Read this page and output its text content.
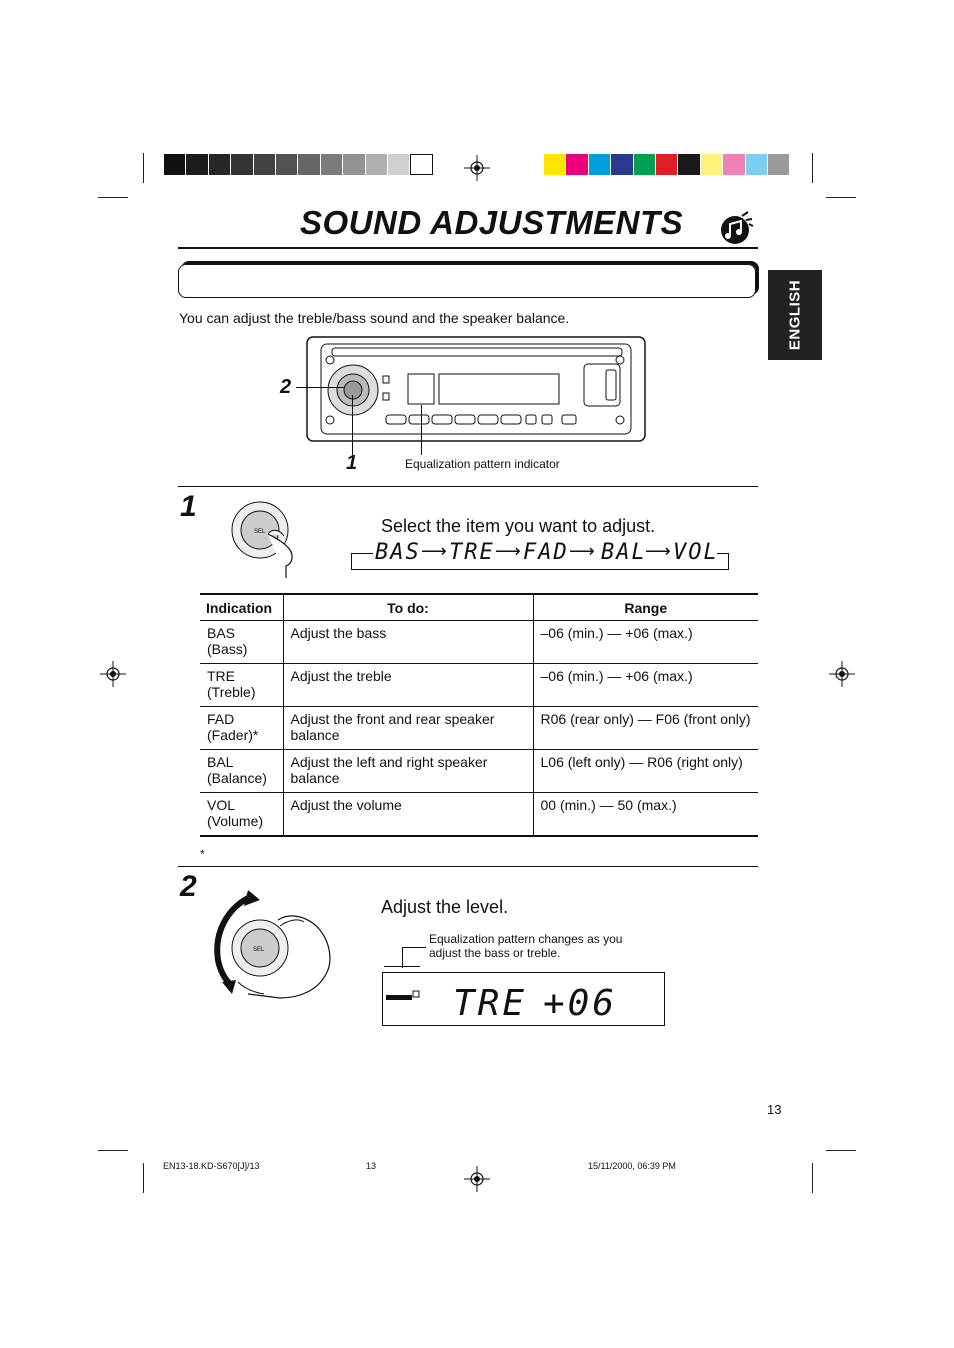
SOUND ADJUSTMENTS
ENGLISH
You can adjust the treble/bass sound and the speaker balance.
2
1	Equalization pattern indicator
1
SEL	Select the item you want to adjust.
BAS ⟶ TRE ⟶ FAD ⟶ BAL
⟶ VOL
Indication	To do:	Range

BAS
(Bass)	Adjust the bass	–06 (min.) — +06 (max.)

TRE
(Treble)	Adjust the treble	–06 (min.) — +06 (max.)

FAD
(Fader)*	Adjust the front and rear speaker balance	R06 (rear only) — F06 (front only)

BAL
(Balance)	Adjust the left and right speaker balance	L06 (left only) — R06 (right only)

VOL
(Volume)	Adjust the volume	00 (min.) — 50 (max.)
*
2
SEL
Adjust the level.
Equalization pattern changes as you adjust the bass or treble.
TRE +06
13
EN13-18.KD-S670[J]/13	13	15/11/2000, 06:39 PM
